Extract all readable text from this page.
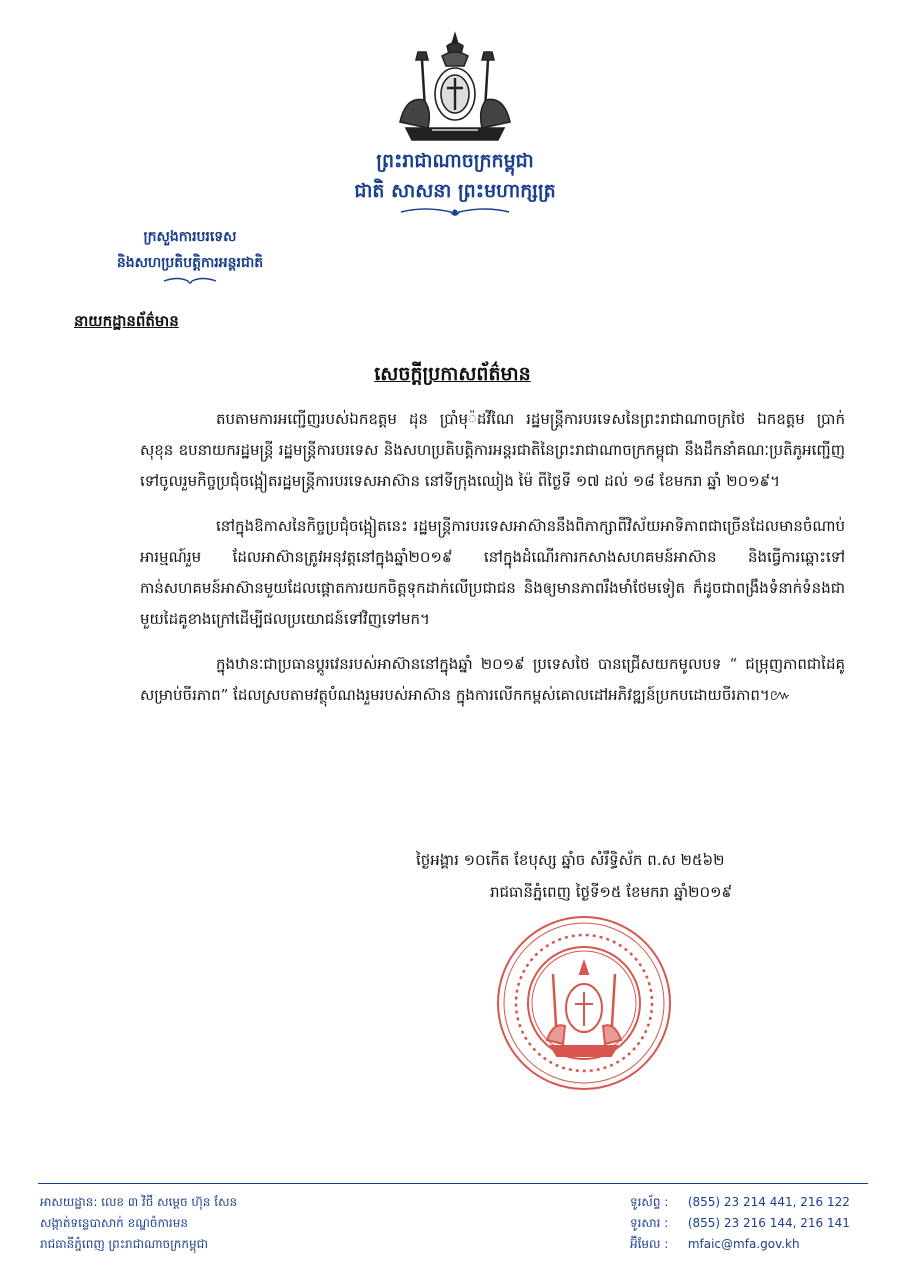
ព្រះរាជាណាចក្រកម្ពុជា
ជាតិ សាសនា ព្រះមហាក្សត្រ
ក្រសួងការបរទេស
និងសហប្រតិបត្តិការអន្តរជាតិ
នាយកដ្ឋានព័ត៌មាន
សេចក្តីប្រកាសព័ត៌មាន

តបតាមការអញ្ជើញរបស់ឯកឧត្តម ដុន ប្រាំមុ៉ដវីណៃ រដ្ឋមន្ត្រីការបរទេសនៃព្រះរាជាណាចក្រថៃ ឯកឧត្តម ប្រាក់ សុខុន ឧបនាយករដ្ឋមន្ត្រី រដ្ឋមន្ត្រីការបរទេស និងសហប្រតិបត្តិការអន្តរជាតិនៃព្រះរាជាណាចក្រកម្ពុជា នឹងដឹកនាំគណៈប្រតិភូអញ្ជើញទៅចូលរួមកិច្ចប្រជុំចង្អៀតរដ្ឋមន្ត្រីការបរទេសអាស៊ាន នៅទីក្រុងឈៀង ម៉ៃ ពីថ្ងៃទី ១៧ ដល់ ១៨ ខែមករា ឆ្នាំ ២០១៩។

នៅក្នុងឱកាសនៃកិច្ចប្រជុំចង្អៀតនេះ រដ្ឋមន្ត្រីការបរទេសអាស៊ាននឹងពិភាក្សាពីវិស័យអាទិភាពជាច្រើនដែលមានចំណាប់អារម្មណ៍រួម ដែលអាស៊ានត្រូវអនុវត្តនៅក្នុងឆ្នាំ២០១៩ នៅក្នុងដំណើរការកសាងសហគមន៍អាស៊ាន និងធ្វើការឆ្ពោះទៅកាន់សហគមន៍អាស៊ានមួយដែលផ្តោតការយកចិត្តទុកដាក់លើប្រជាជន និងឲ្យមានភាពរឹងមាំថែមទៀត ក៏ដូចជាពង្រឹងទំនាក់ទំនងជាមួយដៃគូខាងក្រៅដើម្បីផលប្រយោជន៍ទៅវិញទៅមក។

ក្នុងឋានៈជាប្រធានប្តូរវេនរបស់អាស៊ាននៅក្នុងឆ្នាំ ២០១៩ ប្រទេសថៃ បានជ្រើសយកមូលបទ “ ជម្រុញភាពជាដៃគូសម្រាប់ចីរភាព” ដែលស្របតាមវត្ថុបំណងរួមរបស់អាស៊ាន ក្នុងការលើកកម្ពស់គោលដៅអភិវឌ្ឍន៍ប្រកបដោយចីរភាព។៚

ថ្ងៃអង្គារ ១០កើត ខែបុស្ស ឆ្នាំច សំរឹទ្ធិស័ក ព.ស ២៥៦២
រាជធានីភ្នំពេញ ថ្ងៃទី១៥ ខែមករា ឆ្នាំ២០១៩
អាសយដ្ឋាន: លេខ ៣ វិថី សម្តេច ហ៊ុន សែន
សង្កាត់ទន្លេបាសាក់ ខណ្ឌចំការមន
រាជធានីភ្នំពេញ ព្រះរាជាណាចក្រកម្ពុជា
ទូរស័ព្ទ : (855) 23 214 441, 216 122
ទូរសារ : (855) 23 216 144, 216 141
អ៊ីមែល : mfaic@mfa.gov.kh
